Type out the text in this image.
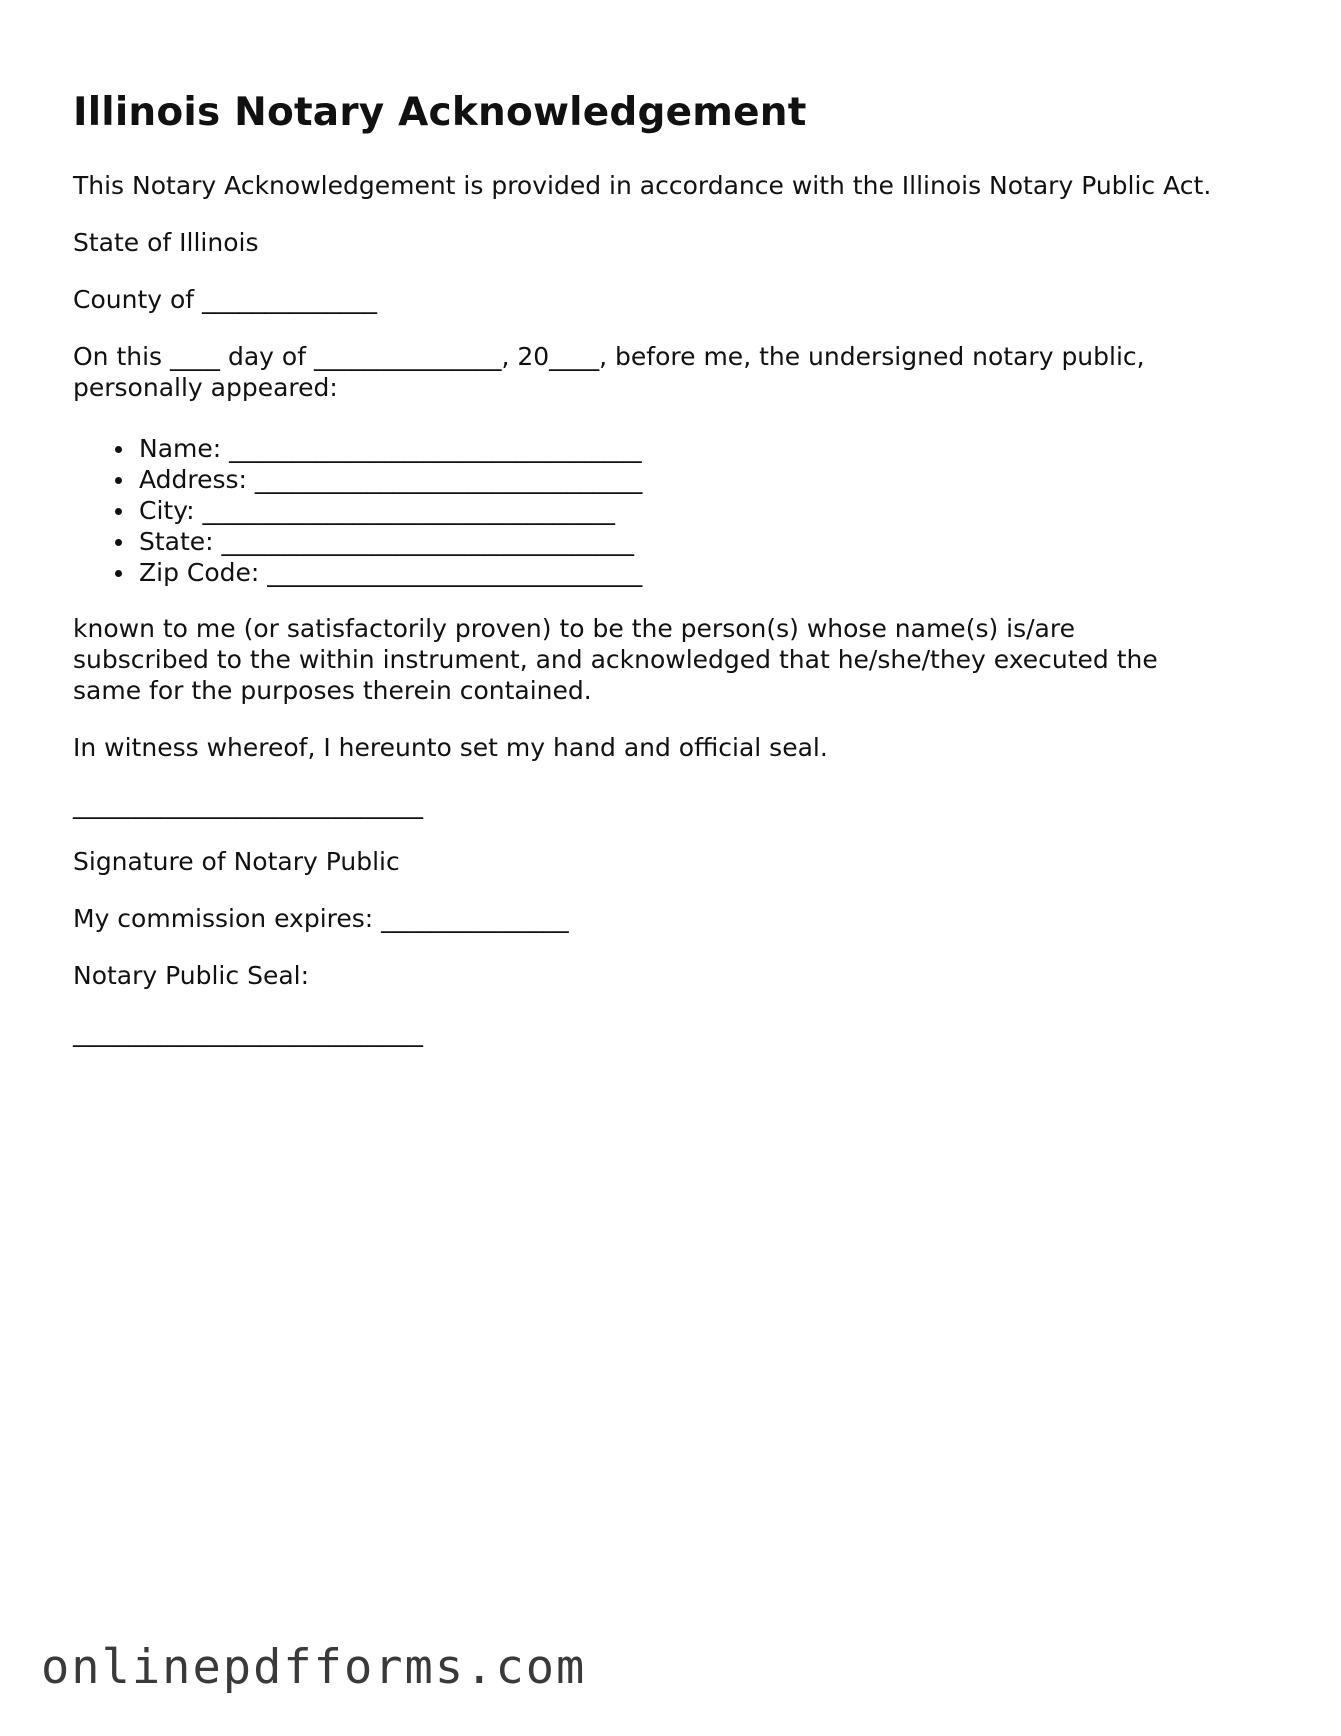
Illinois Notary Acknowledgement

This Notary Acknowledgement is provided in accordance with the Illinois Notary Public Act.

State of Illinois

County of ______________

On this ____ day of _______________, 20____, before me, the undersigned notary public,

personally appeared:

Name: _________________________________
Address: _______________________________
City: _________________________________
State: _________________________________
Zip Code: ______________________________

known to me (or satisfactorily proven) to be the person(s) whose name(s) is/are

subscribed to the within instrument, and acknowledged that he/she/they executed the

same for the purposes therein contained.

In witness whereof, I hereunto set my hand and official seal.

____________________________

Signature of Notary Public

My commission expires: _______________

Notary Public Seal:

____________________________

onlinepdfforms.com
